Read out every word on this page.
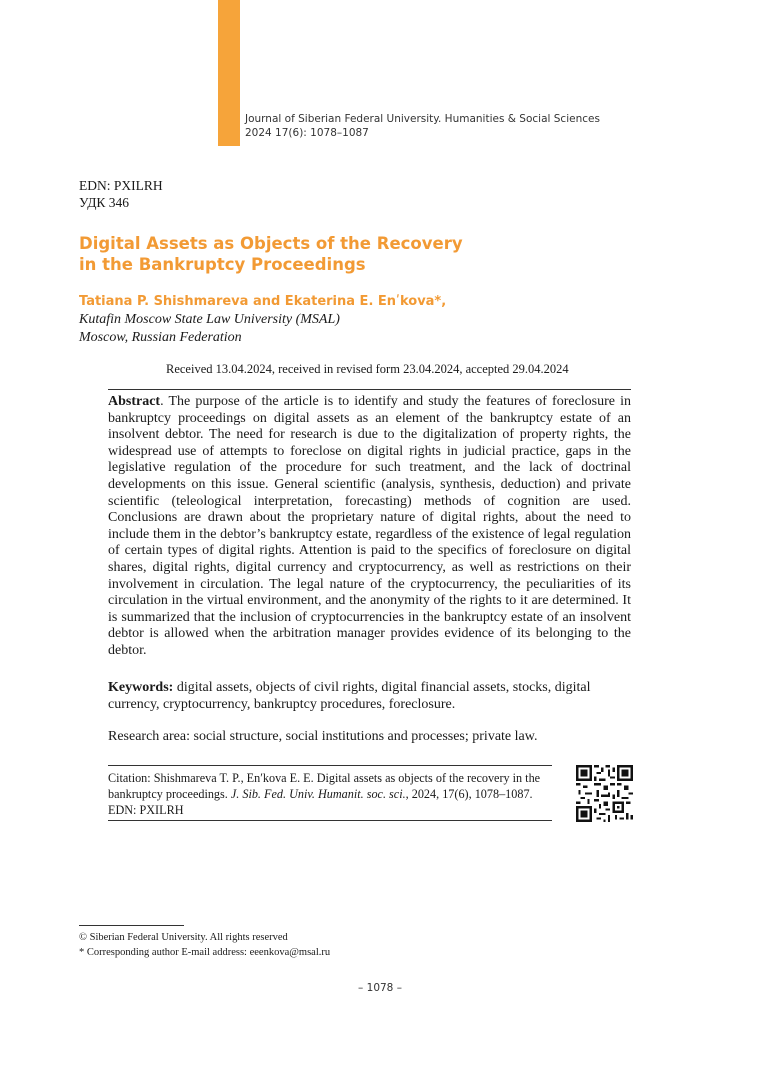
Journal of Siberian Federal University. Humanities & Social Sciences
2024 17(6): 1078–1087
EDN: PXILRH
УДК 346
Digital Assets as Objects of the Recovery
in the Bankruptcy Proceedings
Tatiana P. Shishmareva and Ekaterina E. Enʹkova*,
Kutafin Moscow State Law University (MSAL)
Moscow, Russian Federation
Received 13.04.2024, received in revised form 23.04.2024, accepted 29.04.2024
Abstract. The purpose of the article is to identify and study the features of foreclosure in bankruptcy proceedings on digital assets as an element of the bankruptcy estate of an insolvent debtor. The need for research is due to the digitalization of property rights, the widespread use of attempts to foreclose on digital rights in judicial practice, gaps in the legislative regulation of the procedure for such treatment, and the lack of doctrinal developments on this issue. General scientific (analysis, synthesis, deduction) and private scientific (teleological interpretation, forecasting) methods of cognition are used. Conclusions are drawn about the proprietary nature of digital rights, about the need to include them in the debtor’s bankruptcy estate, regardless of the existence of legal regulation of certain types of digital rights. Attention is paid to the specifics of foreclosure on digital shares, digital rights, digital currency and cryptocurrency, as well as restrictions on their involvement in circulation. The legal nature of the cryptocurrency, the peculiarities of its circulation in the virtual environment, and the anonymity of the rights to it are determined. It is summarized that the inclusion of cryptocurrencies in the bankruptcy estate of an insolvent debtor is allowed when the arbitration manager provides evidence of its belonging to the debtor.
Keywords: digital assets, objects of civil rights, digital financial assets, stocks, digital currency, cryptocurrency, bankruptcy procedures, foreclosure.
Research area: social structure, social institutions and processes; private law.
Citation: Shishmareva T. P., Enʹkova E. E. Digital assets as objects of the recovery in the bankruptcy proceedings. J. Sib. Fed. Univ. Humanit. soc. sci., 2024, 17(6), 1078–1087.
EDN: PXILRH
© Siberian Federal University. All rights reserved
* Corresponding author E-mail address: eeenkova@msal.ru
– 1078 –
